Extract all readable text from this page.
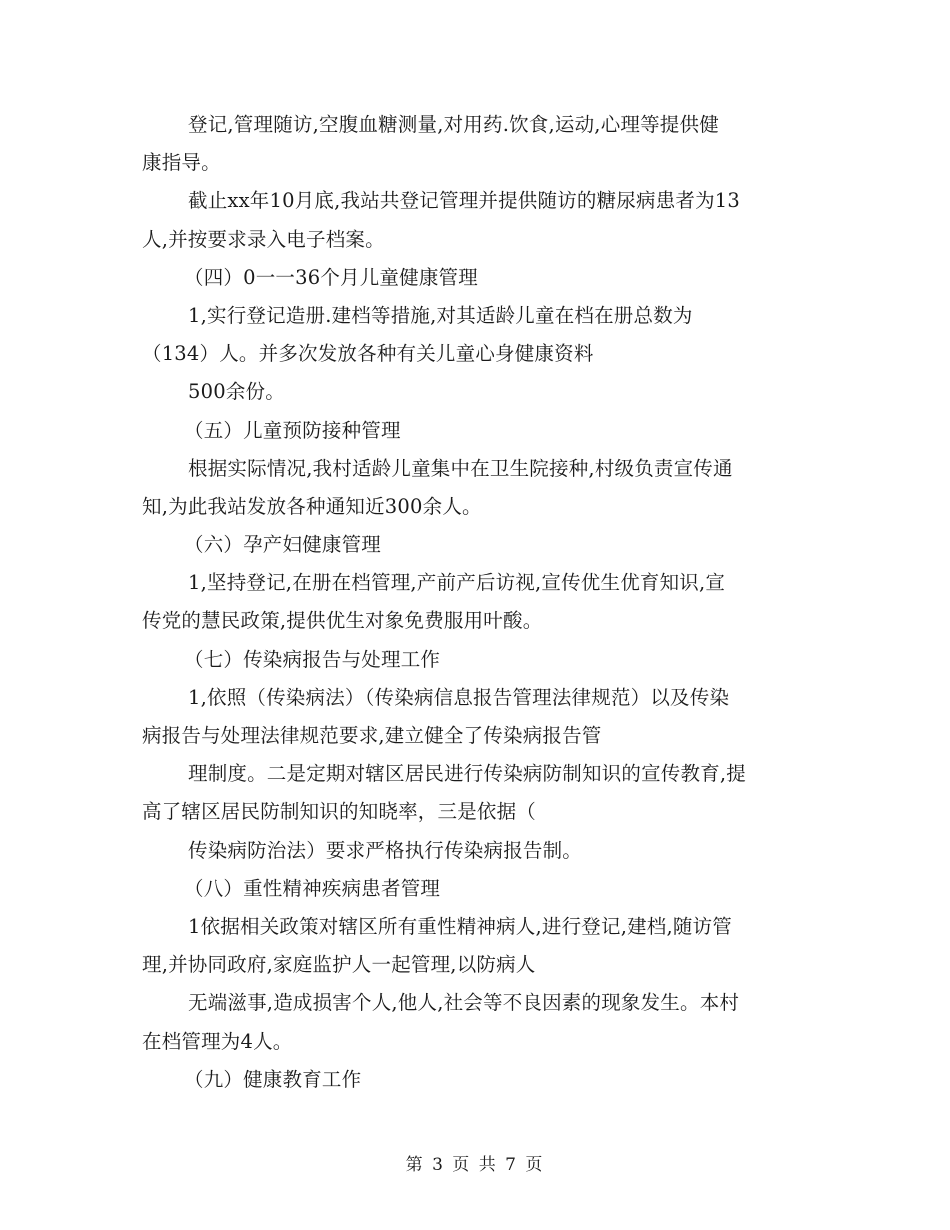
登记,管理随访,空腹血糖测量,对用药.饮食,运动,心理等提供健
康指导。
截止xx年10月底,我站共登记管理并提供随访的糖尿病患者为13
人,并按要求录入电子档案。
（四）0一一36个月儿童健康管理
1,实行登记造册.建档等措施,对其适龄儿童在档在册总数为
（134）人。并多次发放各种有关儿童心身健康资料
500余份。
（五）儿童预防接种管理
根据实际情况,我村适龄儿童集中在卫生院接种,村级负责宣传通
知,为此我站发放各种通知近300余人。
（六）孕产妇健康管理
1,坚持登记,在册在档管理,产前产后访视,宣传优生优育知识,宣
传党的慧民政策,提供优生对象免费服用叶酸。
（七）传染病报告与处理工作
1,依照（传染病法）（传染病信息报告管理法律规范）以及传染
病报告与处理法律规范要求,建立健全了传染病报告管
理制度。二是定期对辖区居民进行传染病防制知识的宣传教育,提
高了辖区居民防制知识的知晓率，三是依据（
传染病防治法）要求严格执行传染病报告制。
（八）重性精神疾病患者管理
1依据相关政策对辖区所有重性精神病人,进行登记,建档,随访管
理,并协同政府,家庭监护人一起管理,以防病人
无端滋事,造成损害个人,他人,社会等不良因素的现象发生。本村
在档管理为4人。
（九）健康教育工作
第 3 页 共 7 页
